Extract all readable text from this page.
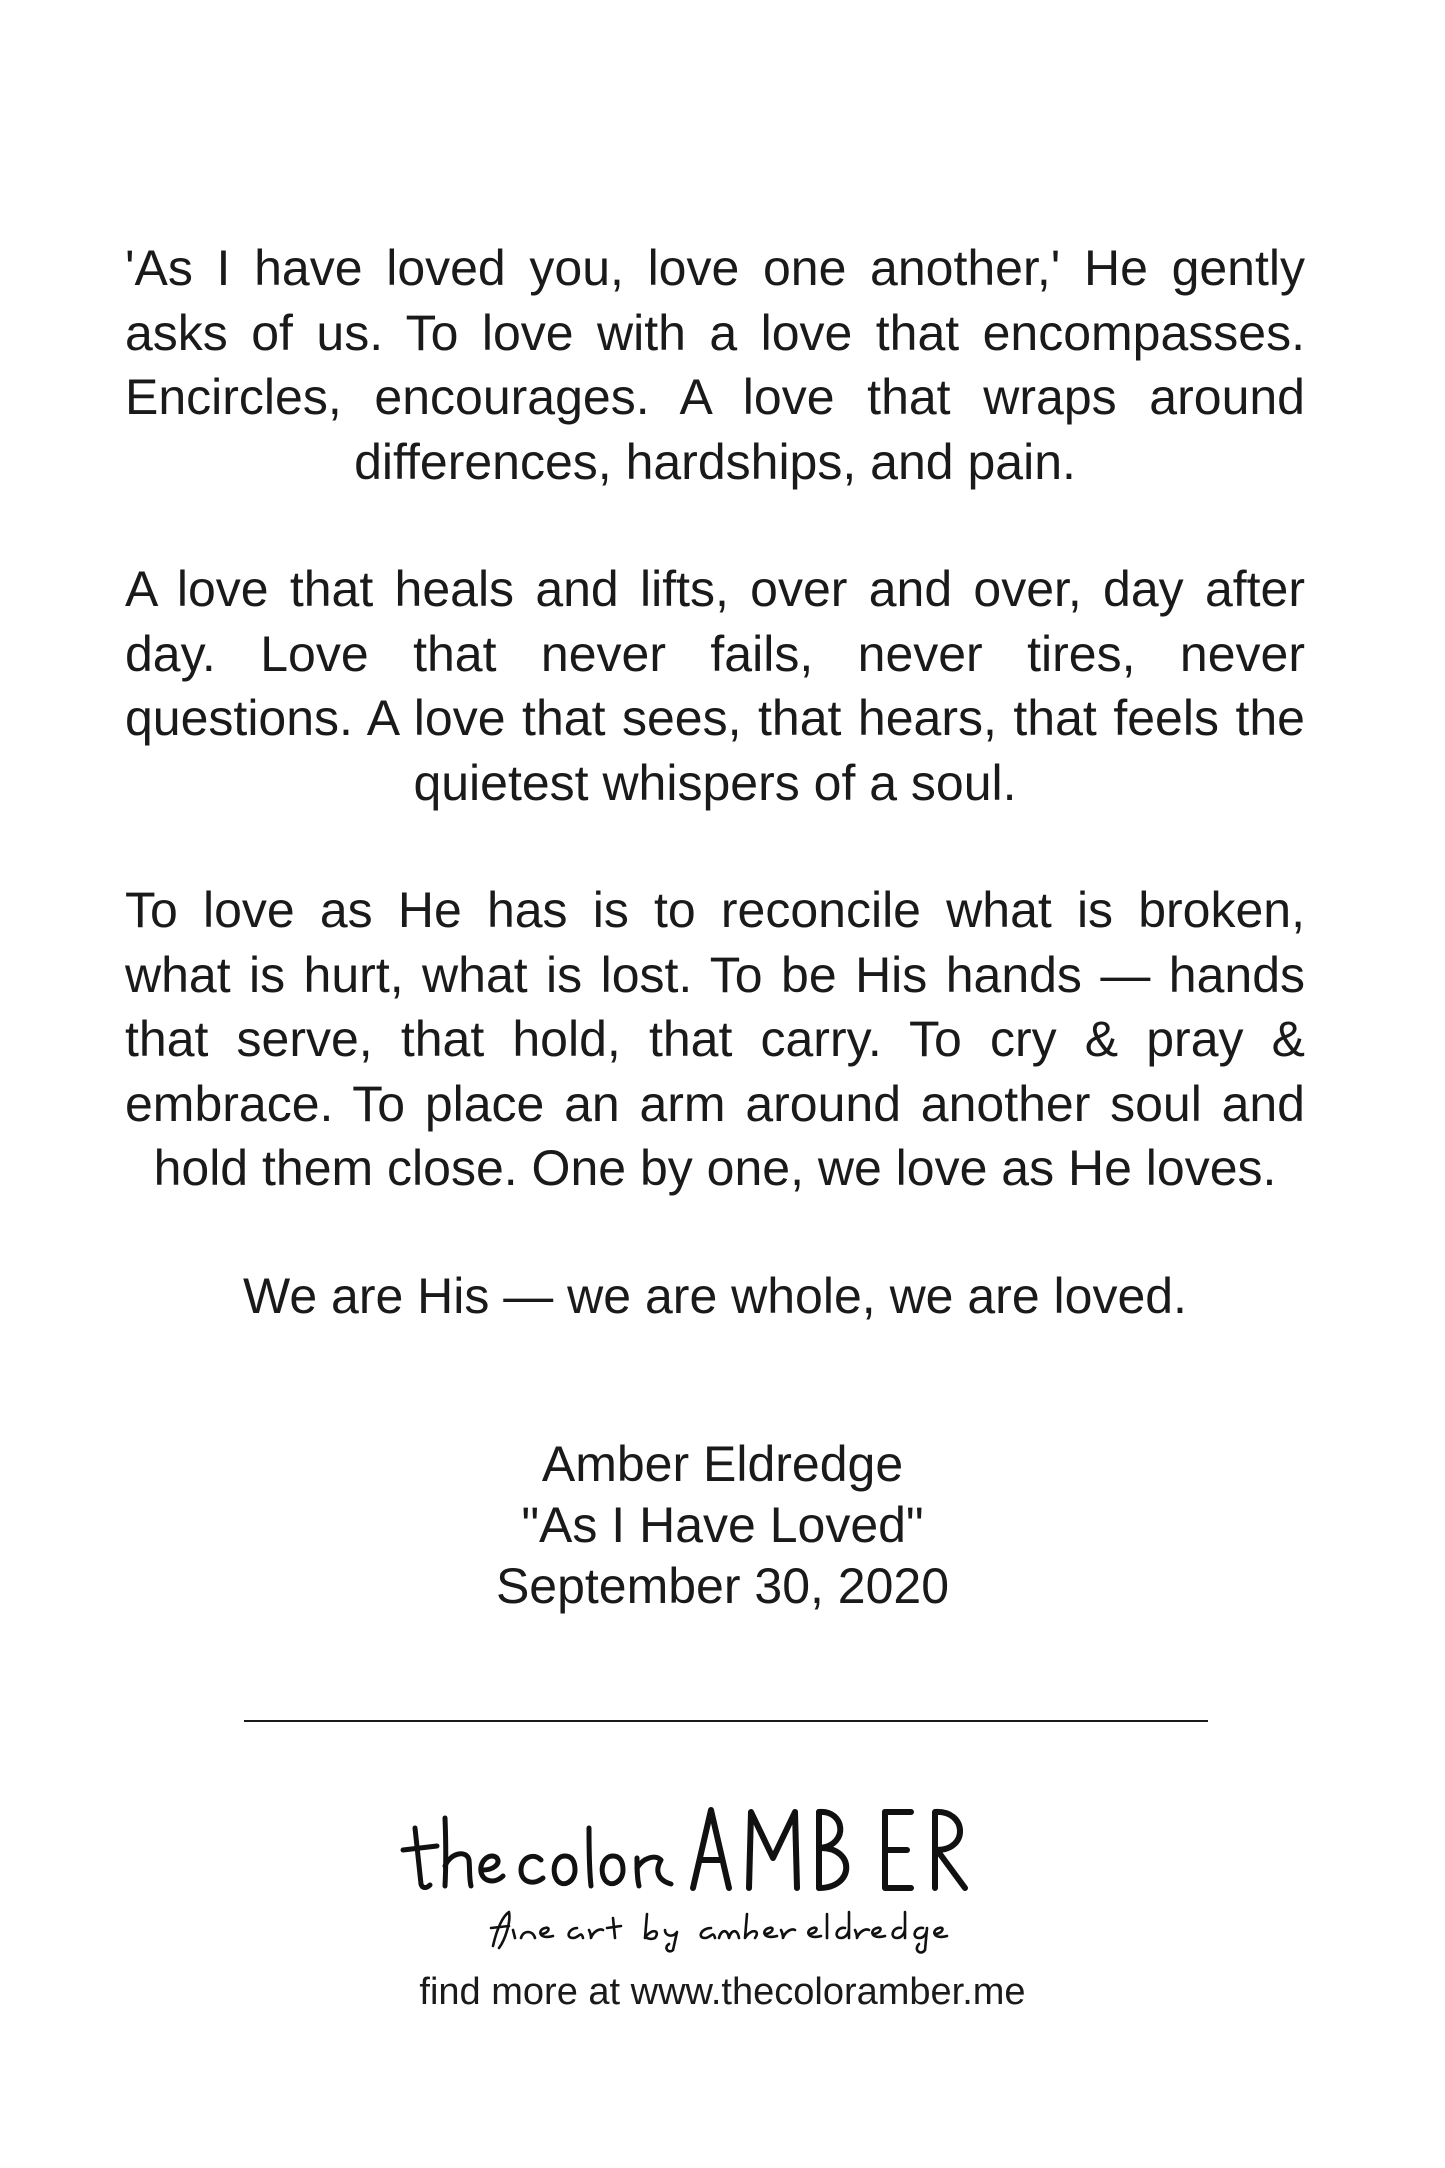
'As I have loved you, love one another,' He gently asks of us. To love with a love that encompasses. Encircles, encourages. A love that wraps around differences, hardships, and pain.

A love that heals and lifts, over and over, day after day. Love that never fails, never tires, never questions. A love that sees, that hears, that feels the quietest whispers of a soul.

To love as He has is to reconcile what is broken, what is hurt, what is lost. To be His hands — hands that serve, that hold, that carry. To cry & pray & embrace. To place an arm around another soul and hold them close. One by one, we love as He loves.

We are His — we are whole, we are loved.

Amber Eldredge
"As I Have Loved"
September 30, 2020
find more at www.thecoloramber.me
